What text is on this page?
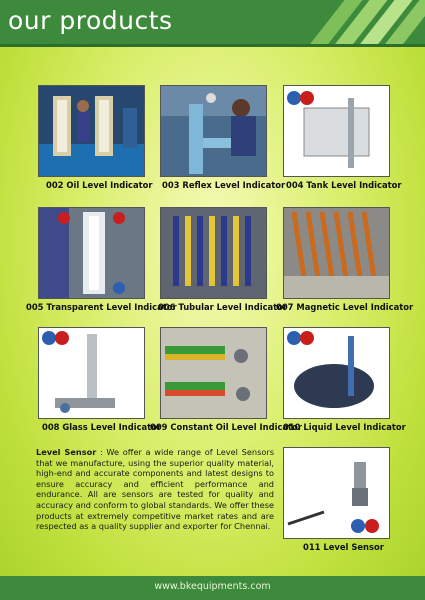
our products
002 Oil Level Indicator 003 Reflex Level Indicator 004 Tank Level Indicator
005 Transparent Level Indicator
006 Tubular Level Indicator
007 Magnetic Level Indicator
008 Glass Level Indicator
009 Constant Oil Level Indicator
010 Liquid Level Indicator
Level Sensor : We offer a wide range of Level Sensors that we manufacture, using the superior quality material, high-end and accurate components and latest designs to ensure accuracy and efficient performance and endurance. All are sensors are tested for quality and accuracy and conform to global standards. We offer these products at extremely competitive market rates and are respected as a quality supplier and exporter for Chennai.
011 Level Sensor
www.bkequipments.com
